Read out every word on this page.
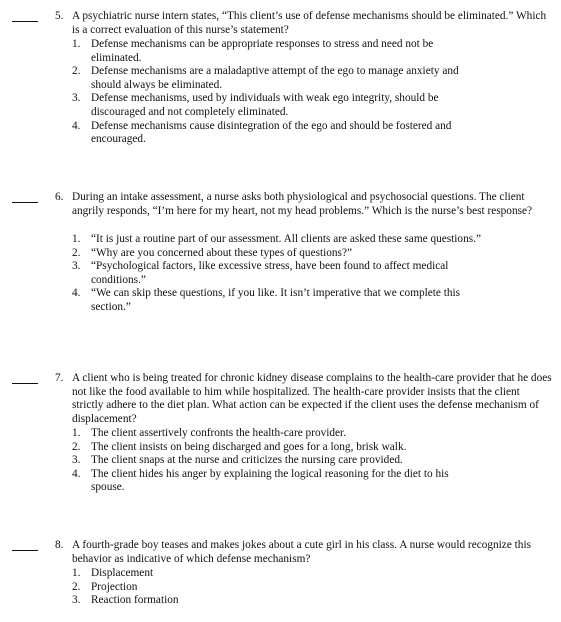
5. A psychiatric nurse intern states, “This client’s use of defense mechanisms should be eliminated.” Which is a correct evaluation of this nurse’s statement?
1. Defense mechanisms can be appropriate responses to stress and need not be eliminated.
2. Defense mechanisms are a maladaptive attempt of the ego to manage anxiety and should always be eliminated.
3. Defense mechanisms, used by individuals with weak ego integrity, should be discouraged and not completely eliminated.
4. Defense mechanisms cause disintegration of the ego and should be fostered and encouraged.
6. During an intake assessment, a nurse asks both physiological and psychosocial questions. The client angrily responds, “I’m here for my heart, not my head problems.” Which is the nurse’s best response?
1. “It is just a routine part of our assessment. All clients are asked these same questions.”
2. “Why are you concerned about these types of questions?”
3. “Psychological factors, like excessive stress, have been found to affect medical conditions.”
4. “We can skip these questions, if you like. It isn’t imperative that we complete this section.”
7. A client who is being treated for chronic kidney disease complains to the health-care provider that he does not like the food available to him while hospitalized. The health-care provider insists that the client strictly adhere to the diet plan. What action can be expected if the client uses the defense mechanism of displacement?
1. The client assertively confronts the health-care provider.
2. The client insists on being discharged and goes for a long, brisk walk.
3. The client snaps at the nurse and criticizes the nursing care provided.
4. The client hides his anger by explaining the logical reasoning for the diet to his spouse.
8. A fourth-grade boy teases and makes jokes about a cute girl in his class. A nurse would recognize this behavior as indicative of which defense mechanism?
1. Displacement
2. Projection
3. Reaction formation
